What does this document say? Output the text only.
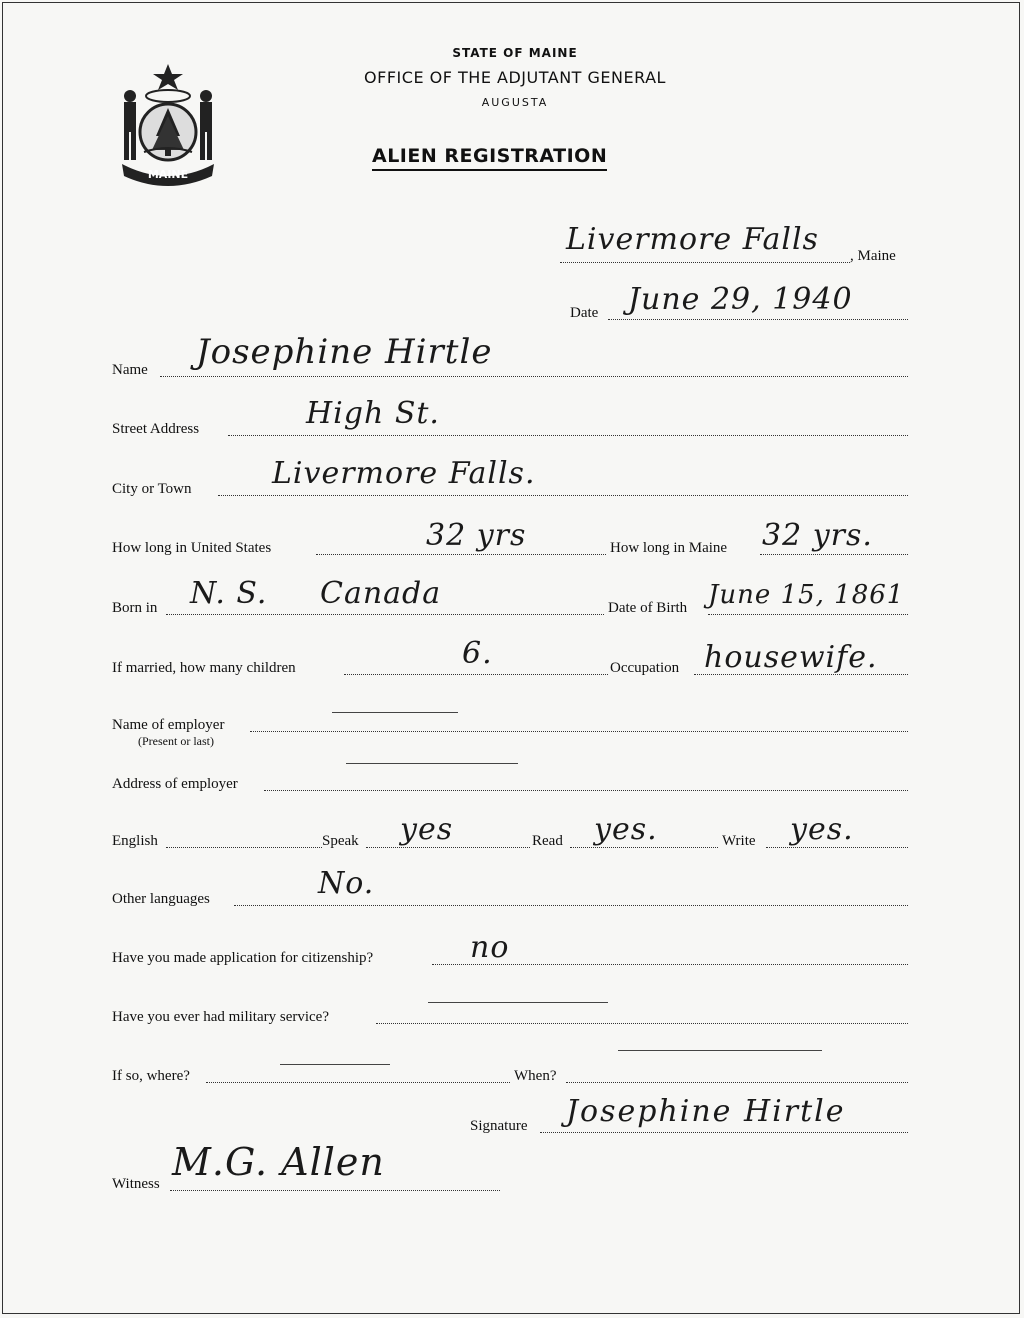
MAINE
STATE OF MAINE
OFFICE OF THE ADJUTANT GENERAL
AUGUSTA
ALIEN REGISTRATION
Livermore Falls , Maine
Date June 29, 1940
Name Josephine Hirtle
Street Address	High St.
City or Town	Livermore Falls.
How long in United States	32 yrs	How long in Maine 32 yrs.
Born in N. S. Canada	Date of Birth June 15, 1861
If married, how many children	6.	Occupation housewife.
Name of employer
(Present or last)
Address of employer
English	Speak yes	Read yes.	Write yes.
Other languages	No.
Have you made application for citizenship?	no
Have you ever had military service?
If so, where?	When?
Signature Josephine Hirtle
Witness M.G. Allen
